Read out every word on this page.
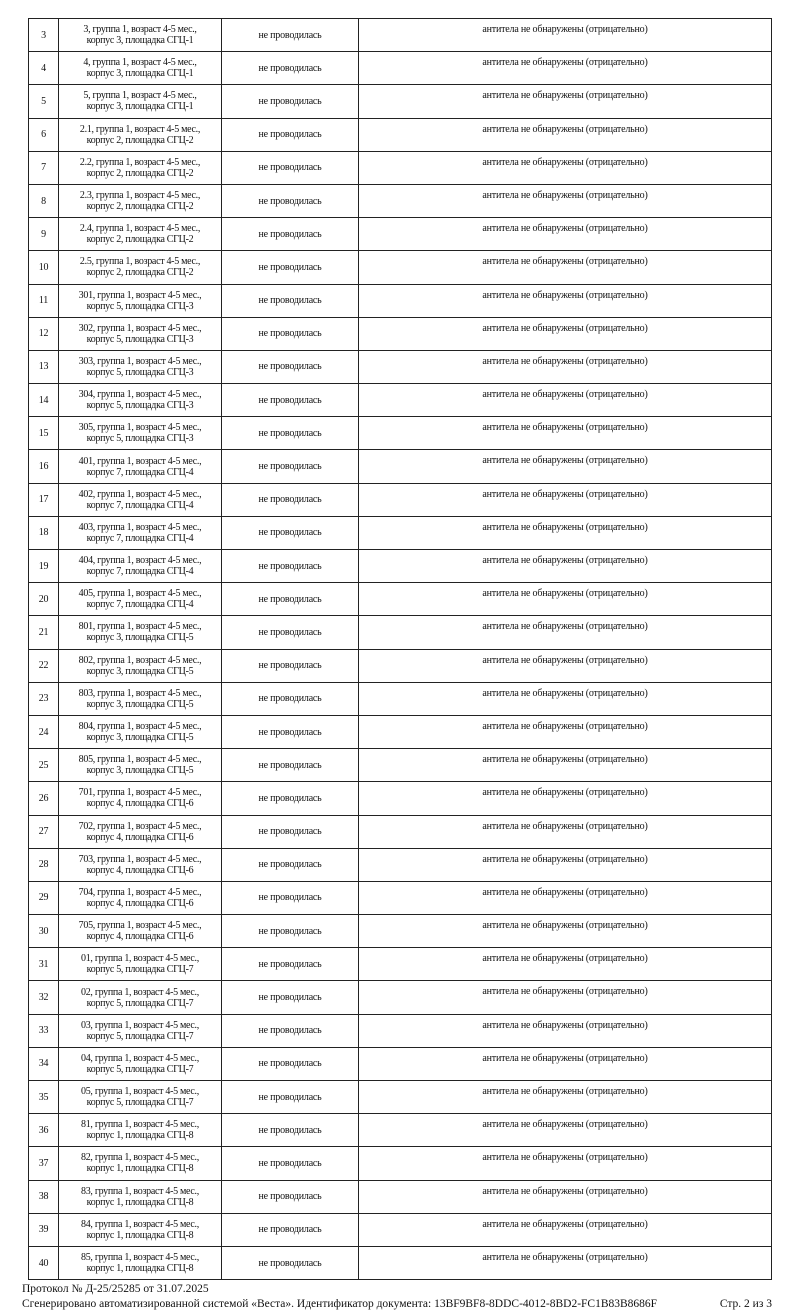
3	3, группа 1, возраст 4-5 мес.,
корпус 3, площадка СГЦ-1	не проводилась	антитела не обнаружены (отрицательно)
4	4, группа 1, возраст 4-5 мес.,
корпус 3, площадка СГЦ-1	не проводилась	антитела не обнаружены (отрицательно)
5	5, группа 1, возраст 4-5 мес.,
корпус 3, площадка СГЦ-1	не проводилась	антитела не обнаружены (отрицательно)
6	2.1, группа 1, возраст 4-5 мес.,
корпус 2, площадка СГЦ-2	не проводилась	антитела не обнаружены (отрицательно)
7	2.2, группа 1, возраст 4-5 мес.,
корпус 2, площадка СГЦ-2	не проводилась	антитела не обнаружены (отрицательно)
8	2.3, группа 1, возраст 4-5 мес.,
корпус 2, площадка СГЦ-2	не проводилась	антитела не обнаружены (отрицательно)
9	2.4, группа 1, возраст 4-5 мес.,
корпус 2, площадка СГЦ-2	не проводилась	антитела не обнаружены (отрицательно)
10	2.5, группа 1, возраст 4-5 мес.,
корпус 2, площадка СГЦ-2	не проводилась	антитела не обнаружены (отрицательно)
11	301, группа 1, возраст 4-5 мес.,
корпус 5, площадка СГЦ-3	не проводилась	антитела не обнаружены (отрицательно)
12	302, группа 1, возраст 4-5 мес.,
корпус 5, площадка СГЦ-3	не проводилась	антитела не обнаружены (отрицательно)
13	303, группа 1, возраст 4-5 мес.,
корпус 5, площадка СГЦ-3	не проводилась	антитела не обнаружены (отрицательно)
14	304, группа 1, возраст 4-5 мес.,
корпус 5, площадка СГЦ-3	не проводилась	антитела не обнаружены (отрицательно)
15	305, группа 1, возраст 4-5 мес.,
корпус 5, площадка СГЦ-3	не проводилась	антитела не обнаружены (отрицательно)
16	401, группа 1, возраст 4-5 мес.,
корпус 7, площадка СГЦ-4	не проводилась	антитела не обнаружены (отрицательно)
17	402, группа 1, возраст 4-5 мес.,
корпус 7, площадка СГЦ-4	не проводилась	антитела не обнаружены (отрицательно)
18	403, группа 1, возраст 4-5 мес.,
корпус 7, площадка СГЦ-4	не проводилась	антитела не обнаружены (отрицательно)
19	404, группа 1, возраст 4-5 мес.,
корпус 7, площадка СГЦ-4	не проводилась	антитела не обнаружены (отрицательно)
20	405, группа 1, возраст 4-5 мес.,
корпус 7, площадка СГЦ-4	не проводилась	антитела не обнаружены (отрицательно)
21	801, группа 1, возраст 4-5 мес.,
корпус 3, площадка СГЦ-5	не проводилась	антитела не обнаружены (отрицательно)
22	802, группа 1, возраст 4-5 мес.,
корпус 3, площадка СГЦ-5	не проводилась	антитела не обнаружены (отрицательно)
23	803, группа 1, возраст 4-5 мес.,
корпус 3, площадка СГЦ-5	не проводилась	антитела не обнаружены (отрицательно)
24	804, группа 1, возраст 4-5 мес.,
корпус 3, площадка СГЦ-5	не проводилась	антитела не обнаружены (отрицательно)
25	805, группа 1, возраст 4-5 мес.,
корпус 3, площадка СГЦ-5	не проводилась	антитела не обнаружены (отрицательно)
26	701, группа 1, возраст 4-5 мес.,
корпус 4, площадка СГЦ-6	не проводилась	антитела не обнаружены (отрицательно)
27	702, группа 1, возраст 4-5 мес.,
корпус 4, площадка СГЦ-6	не проводилась	антитела не обнаружены (отрицательно)
28	703, группа 1, возраст 4-5 мес.,
корпус 4, площадка СГЦ-6	не проводилась	антитела не обнаружены (отрицательно)
29	704, группа 1, возраст 4-5 мес.,
корпус 4, площадка СГЦ-6	не проводилась	антитела не обнаружены (отрицательно)
30	705, группа 1, возраст 4-5 мес.,
корпус 4, площадка СГЦ-6	не проводилась	антитела не обнаружены (отрицательно)
31	01, группа 1, возраст 4-5 мес.,
корпус 5, площадка СГЦ-7	не проводилась	антитела не обнаружены (отрицательно)
32	02, группа 1, возраст 4-5 мес.,
корпус 5, площадка СГЦ-7	не проводилась	антитела не обнаружены (отрицательно)
33	03, группа 1, возраст 4-5 мес.,
корпус 5, площадка СГЦ-7	не проводилась	антитела не обнаружены (отрицательно)
34	04, группа 1, возраст 4-5 мес.,
корпус 5, площадка СГЦ-7	не проводилась	антитела не обнаружены (отрицательно)
35	05, группа 1, возраст 4-5 мес.,
корпус 5, площадка СГЦ-7	не проводилась	антитела не обнаружены (отрицательно)
36	81, группа 1, возраст 4-5 мес.,
корпус 1, площадка СГЦ-8	не проводилась	антитела не обнаружены (отрицательно)
37	82, группа 1, возраст 4-5 мес.,
корпус 1, площадка СГЦ-8	не проводилась	антитела не обнаружены (отрицательно)
38	83, группа 1, возраст 4-5 мес.,
корпус 1, площадка СГЦ-8	не проводилась	антитела не обнаружены (отрицательно)
39	84, группа 1, возраст 4-5 мес.,
корпус 1, площадка СГЦ-8	не проводилась	антитела не обнаружены (отрицательно)
40	85, группа 1, возраст 4-5 мес.,
корпус 1, площадка СГЦ-8	не проводилась	антитела не обнаружены (отрицательно)
Протокол № Д-25/25285 от 31.07.2025
Сгенерировано автоматизированной системой «Веста». Идентификатор документа: 13BF9BF8-8DDC-4012-8BD2-FC1B83B8686F	Стр. 2 из 3
